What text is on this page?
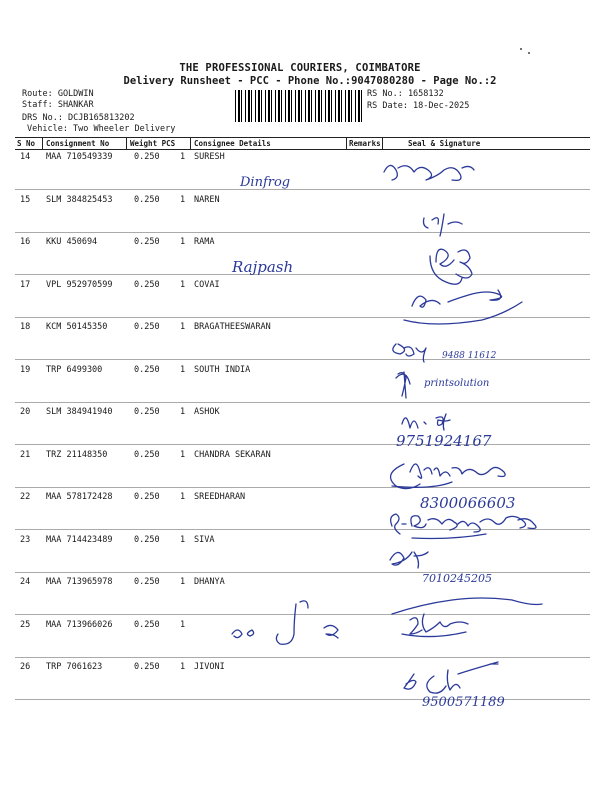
THE PROFESSIONAL COURIERS, COIMBATORE
Delivery Runsheet - PCC - Phone No.:9047080280 - Page No.:2
Route: GOLDWIN
Staff: SHANKAR
DRS No.: DCJB165813202
Vehicle: Two Wheeler Delivery
RS No.: 1658132
RS Date: 18-Dec-2025
S No Consignment No	Weight PCS	Consignee Details	Remarks	Seal & Signature
14 MAA 710549339	0.250 1 SURESH
15 SLM 384825453	0.250 1 NAREN
16 KKU 450694	0.250 1 RAMA
17 VPL 952970599	0.250 1 COVAI
18 KCM 50145350	0.250 1 BRAGATHEESWARAN
19 TRP 6499300	0.250 1 SOUTH INDIA
20 SLM 384941940	0.250 1 ASHOK
21 TRZ 21148350	0.250 1 CHANDRA SEKARAN
22 MAA 578172428	0.250 1 SREEDHARAN
23 MAA 714423489	0.250 1 SIVA
24 MAA 713965978	0.250 1 DHANYA
25 MAA 713966026	0.250 1
26 TRP 7061623	0.250 1 JIVONI
Dinfrog
Rajpash
printsolution
9751924167
8300066603
7010245205
9500571189
9488 11612
